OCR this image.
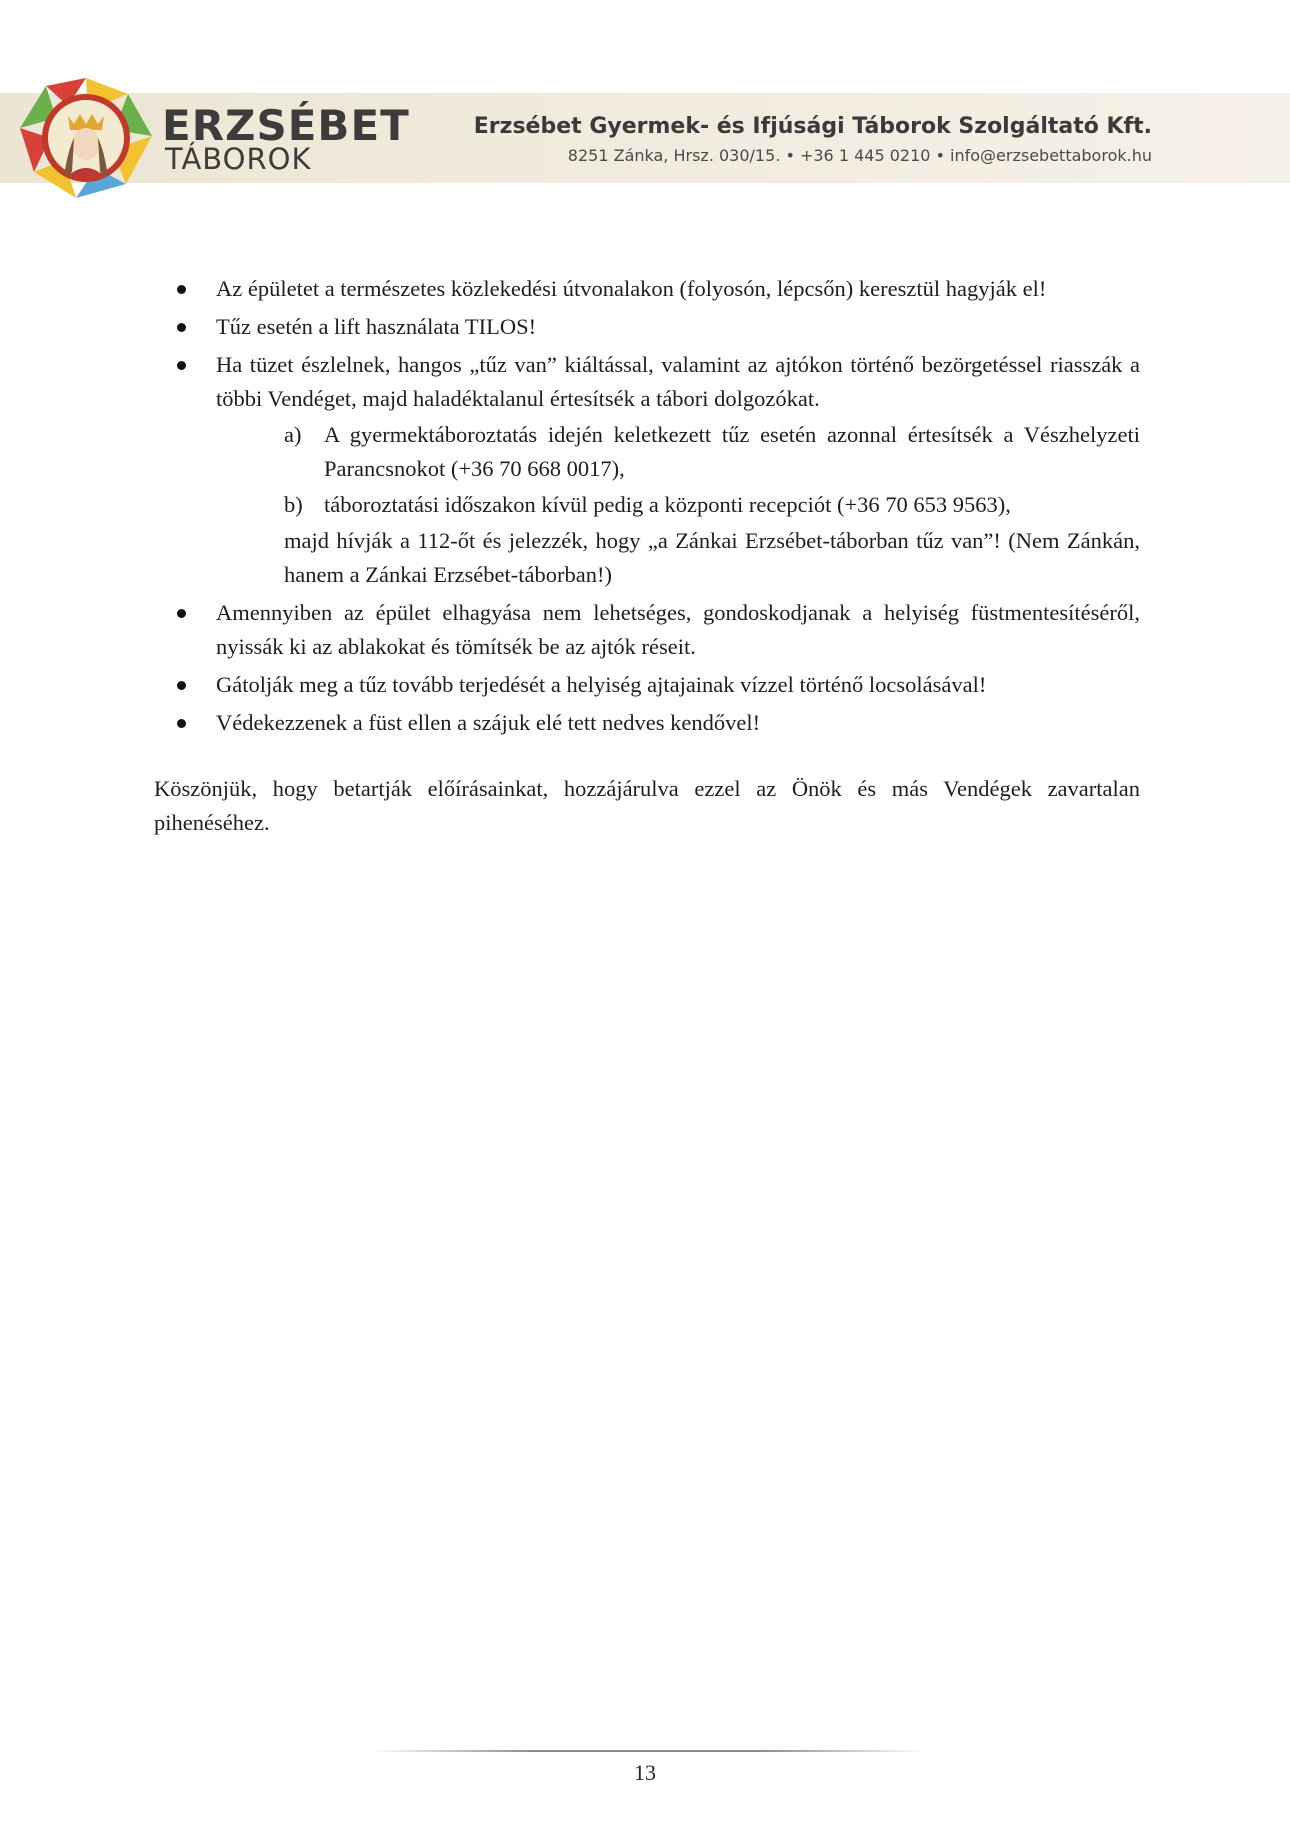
ERZSÉBET
TÁBOROK
Erzsébet Gyermek- és Ifjúsági Táborok Szolgáltató Kft.
8251 Zánka, Hrsz. 030/15. • +36 1 445 0210 • info@erzsebettaborok.hu
Az épületet a természetes közlekedési útvonalakon (folyosón, lépcsőn) keresztül hagyják el!
Tűz esetén a lift használata TILOS!
Ha tüzet észlelnek, hangos „tűz van” kiáltással, valamint az ajtókon történő bezörgetéssel riasszák a többi Vendéget, majd haladéktalanul értesítsék a tábori dolgozókat.
a) A gyermektáboroztatás idején keletkezett tűz esetén azonnal értesítsék a Vészhelyzeti Parancsnokot (+36 70 668 0017),
b) táboroztatási időszakon kívül pedig a központi recepciót (+36 70 653 9563),
majd hívják a 112-őt és jelezzék, hogy „a Zánkai Erzsébet-táborban tűz van”! (Nem Zánkán, hanem a Zánkai Erzsébet-táborban!)
Amennyiben az épület elhagyása nem lehetséges, gondoskodjanak a helyiség füstmentesítéséről, nyissák ki az ablakokat és tömítsék be az ajtók réseit.
Gátolják meg a tűz tovább terjedését a helyiség ajtajainak vízzel történő locsolásával!
Védekezzenek a füst ellen a szájuk elé tett nedves kendővel!
Köszönjük, hogy betartják előírásainkat, hozzájárulva ezzel az Önök és más Vendégek zavartalan pihenéséhez.
13
